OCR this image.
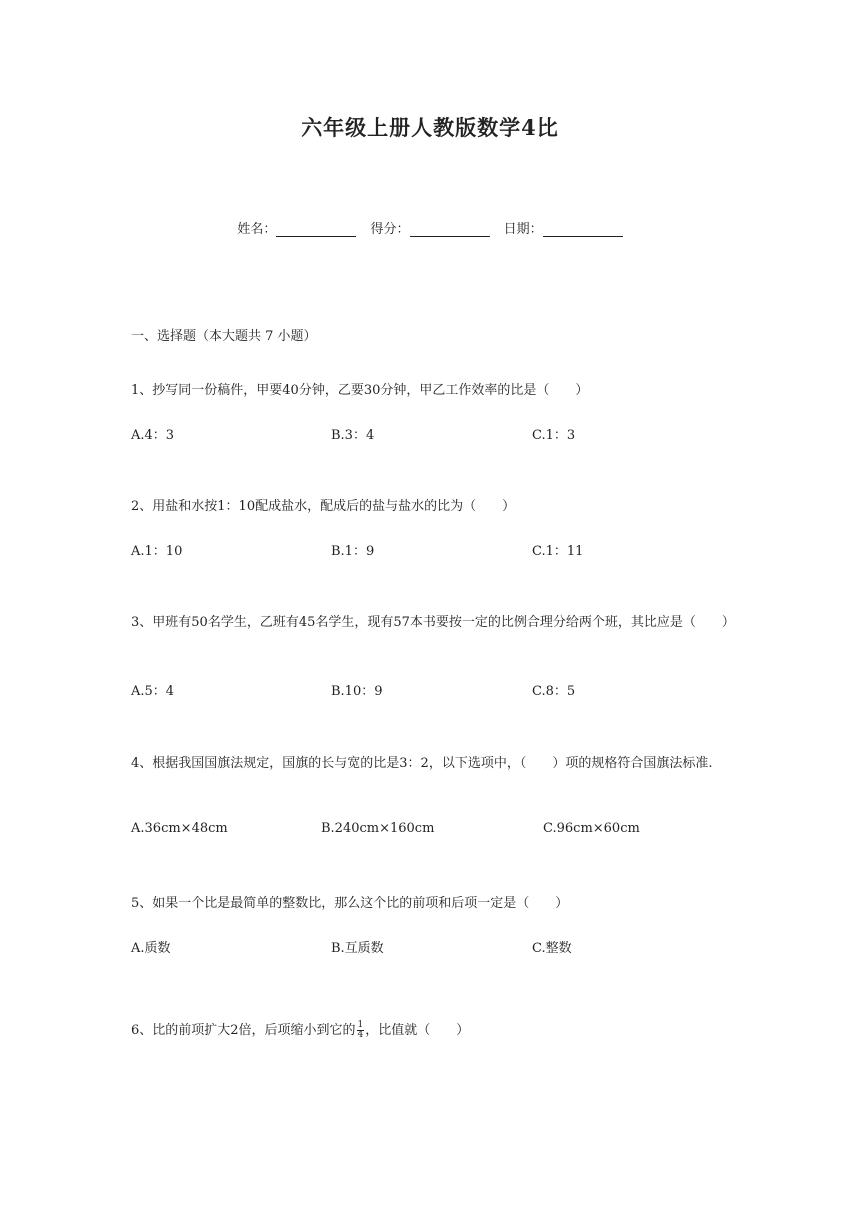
六年级上册人教版数学4比
姓名：	得分：	日期：
一、选择题（本大题共 7 小题）
1、抄写同一份稿件，甲要40分钟，乙要30分钟，甲乙工作效率的比是（　　）
A.4：3	B.3：4	C.1：3
2、用盐和水按1：10配成盐水，配成后的盐与盐水的比为（　　）
A.1：10	B.1：9	C.1：11
3、甲班有50名学生，乙班有45名学生，现有57本书要按一定的比例合理分给两个班，其比应是（　　）
A.5：4	B.10：9	C.8：5
4、根据我国国旗法规定，国旗的长与宽的比是3：2，以下选项中，（　　）项的规格符合国旗法标准.
A.36cm×48cm	B.240cm×160cm	C.96cm×60cm
5、如果一个比是最简单的整数比，那么这个比的前项和后项一定是（　　）
A.质数	B.互质数	C.整数
6、比的前项扩大2倍，后项缩小到它的 $\frac{1}{4}$ ，比值就（　　）
